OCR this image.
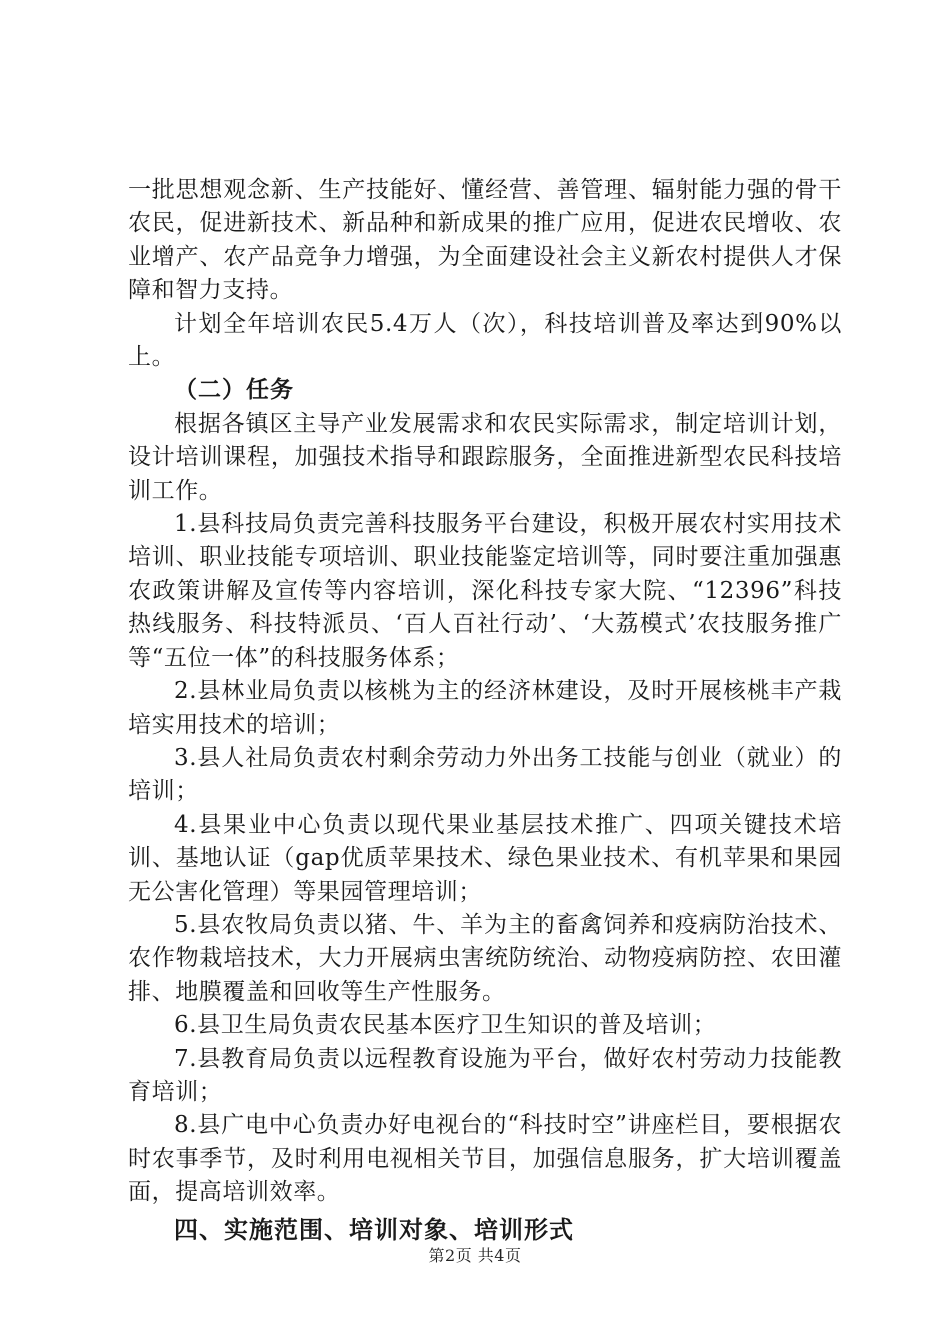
一批思想观念新、生产技能好、懂经营、善管理、辐射能力强的骨干农民，促进新技术、新品种和新成果的推广应用，促进农民增收、农业增产、农产品竞争力增强，为全面建设社会主义新农村提供人才保障和智力支持。

计划全年培训农民5.4万人（次），科技培训普及率达到90%以上。

（二）任务

根据各镇区主导产业发展需求和农民实际需求，制定培训计划，设计培训课程，加强技术指导和跟踪服务，全面推进新型农民科技培训工作。

1.县科技局负责完善科技服务平台建设，积极开展农村实用技术培训、职业技能专项培训、职业技能鉴定培训等，同时要注重加强惠农政策讲解及宣传等内容培训，深化科技专家大院、“12396”科技热线服务、科技特派员、‘百人百社行动’、‘大荔模式’农技服务推广等“五位一体”的科技服务体系；

2.县林业局负责以核桃为主的经济林建设，及时开展核桃丰产栽培实用技术的培训；

3.县人社局负责农村剩余劳动力外出务工技能与创业（就业）的培训；

4.县果业中心负责以现代果业基层技术推广、四项关键技术培训、基地认证（gap优质苹果技术、绿色果业技术、有机苹果和果园无公害化管理）等果园管理培训；

5.县农牧局负责以猪、牛、羊为主的畜禽饲养和疫病防治技术、农作物栽培技术，大力开展病虫害统防统治、动物疫病防控、农田灌排、地膜覆盖和回收等生产性服务。

6.县卫生局负责农民基本医疗卫生知识的普及培训；

7.县教育局负责以远程教育设施为平台，做好农村劳动力技能教育培训；

8.县广电中心负责办好电视台的“科技时空”讲座栏目，要根据农时农事季节，及时利用电视相关节目，加强信息服务，扩大培训覆盖面，提高培训效率。

四、实施范围、培训对象、培训形式

第2页 共4页
